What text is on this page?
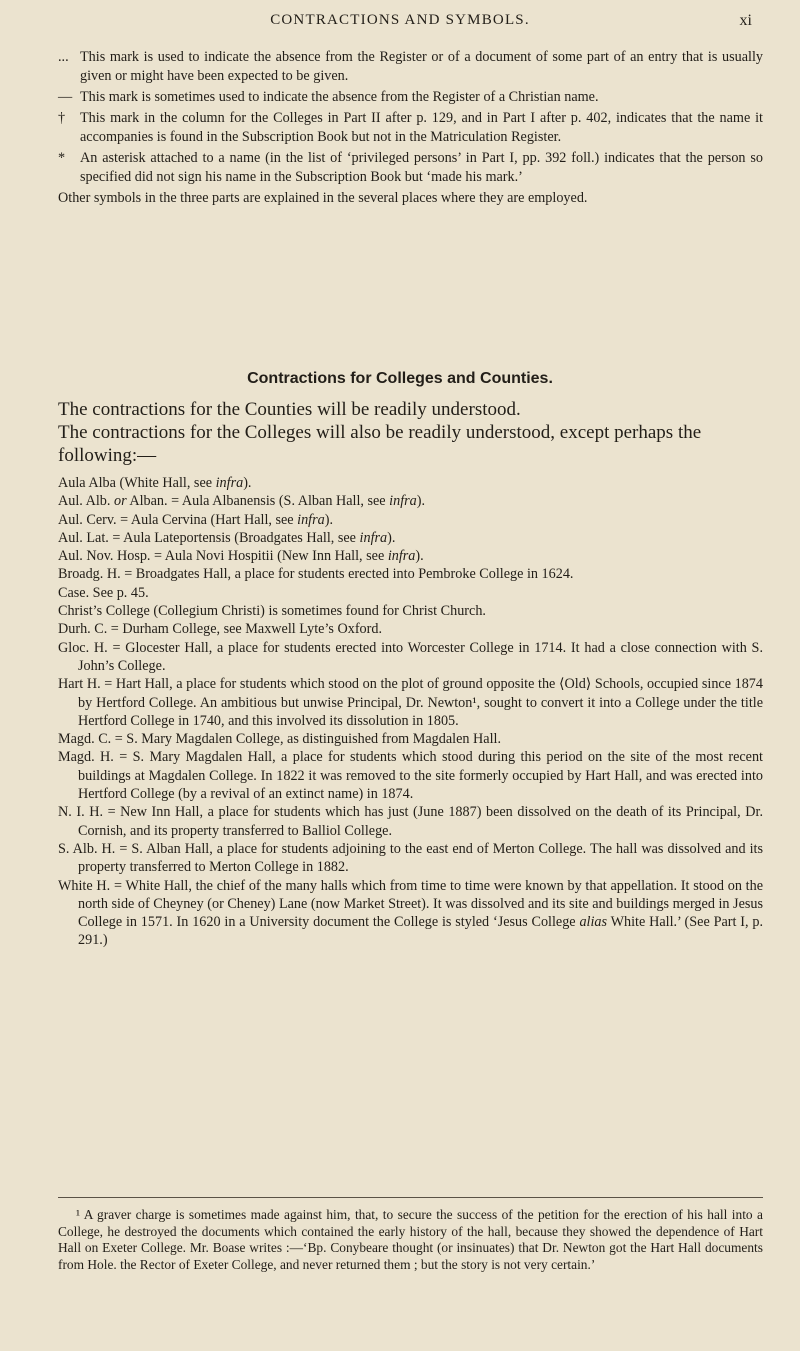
CONTRACTIONS AND SYMBOLS.	xi

... This mark is used to indicate the absence from the Register or of a document of some part of an entry that is usually given or might have been expected to be given.

— This mark is sometimes used to indicate the absence from the Register of a Christian name.

† This mark in the column for the Colleges in Part II after p. 129, and in Part I after p. 402, indicates that the name it accompanies is found in the Subscription Book but not in the Matriculation Register.

* An asterisk attached to a name (in the list of ‘privileged persons’ in Part I, pp. 392 foll.) indicates that the person so specified did not sign his name in the Subscription Book but ‘made his mark.’

Other symbols in the three parts are explained in the several places where they are employed.

Contractions for Colleges and Counties.

The contractions for the Counties will be readily understood.

The contractions for the Colleges will also be readily understood, except perhaps the following:—

Aula Alba (White Hall, see infra).

Aul. Alb. or Alban. = Aula Albanensis (S. Alban Hall, see infra).

Aul. Cerv. = Aula Cervina (Hart Hall, see infra).

Aul. Lat. = Aula Lateportensis (Broadgates Hall, see infra).

Aul. Nov. Hosp. = Aula Novi Hospitii (New Inn Hall, see infra).

Broadg. H. = Broadgates Hall, a place for students erected into Pembroke College in 1624.

Case. See p. 45.

Christ’s College (Collegium Christi) is sometimes found for Christ Church.

Durh. C. = Durham College, see Maxwell Lyte’s Oxford.

Gloc. H. = Glocester Hall, a place for students erected into Worcester College in 1714. It had a close connection with S. John’s College.

Hart H. = Hart Hall, a place for students which stood on the plot of ground opposite the ⟨Old⟩ Schools, occupied since 1874 by Hertford College. An ambitious but unwise Principal, Dr. Newton¹, sought to convert it into a College under the title Hertford College in 1740, and this involved its dissolution in 1805.

Magd. C. = S. Mary Magdalen College, as distinguished from Magdalen Hall.

Magd. H. = S. Mary Magdalen Hall, a place for students which stood during this period on the site of the most recent buildings at Magdalen College. In 1822 it was removed to the site formerly occupied by Hart Hall, and was erected into Hertford College (by a revival of an extinct name) in 1874.

N. I. H. = New Inn Hall, a place for students which has just (June 1887) been dissolved on the death of its Principal, Dr. Cornish, and its property transferred to Balliol College.

S. Alb. H. = S. Alban Hall, a place for students adjoining to the east end of Merton College. The hall was dissolved and its property transferred to Merton College in 1882.

White H. = White Hall, the chief of the many halls which from time to time were known by that appellation. It stood on the north side of Cheyney (or Cheney) Lane (now Market Street). It was dissolved and its site and buildings merged in Jesus College in 1571. In 1620 in a University document the College is styled ‘Jesus College alias White Hall.’ (See Part I, p. 291.)

¹ A graver charge is sometimes made against him, that, to secure the success of the petition for the erection of his hall into a College, he destroyed the documents which contained the early history of the hall, because they showed the dependence of Hart Hall on Exeter College. Mr. Boase writes :—‘Bp. Conybeare thought (or insinuates) that Dr. Newton got the Hart Hall documents from Hole. the Rector of Exeter College, and never returned them ; but the story is not very certain.’
